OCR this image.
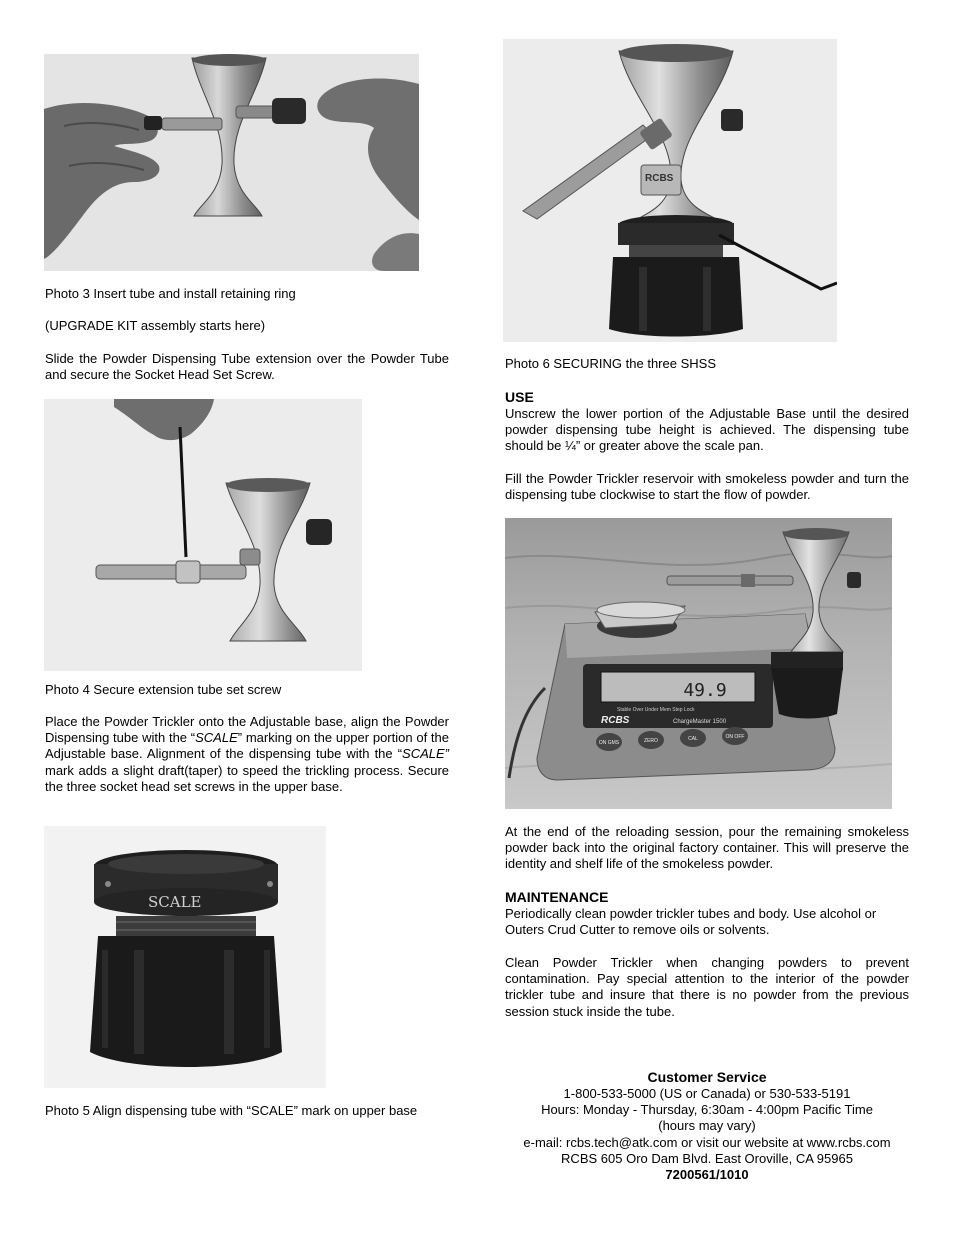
Photo 3 Insert tube and install retaining ring
(UPGRADE KIT assembly starts here)
Slide the Powder Dispensing Tube extension over the Powder Tube and secure the Socket Head Set Screw.
Photo 4 Secure extension tube set screw
Place the Powder Trickler onto the Adjustable base, align the Powder Dispensing tube with the “SCALE” marking on the upper portion of the Adjustable base. Alignment of the dispensing tube with the “SCALE” mark adds a slight draft(taper) to speed the trickling process. Secure the three socket head set screws in the upper base.
SCALE
Photo 5 Align dispensing tube with “SCALE” mark on upper base
RCBS
Photo 6 SECURING the three SHSS
USE
Unscrew the lower portion of the Adjustable Base until the desired powder dispensing tube height is achieved. The dispensing tube should be ¼” or greater above the scale pan.
Fill the Powder Trickler reservoir with smokeless powder and turn the dispensing tube clockwise to start the flow of powder.
49.9
Stable Over Under Mem Step Lock
RCBS	ChargeMaster 1500
ON GMS	ZERO	CAL	ON OFF
At the end of the reloading session, pour the remaining smokeless powder back into the original factory container. This will preserve the identity and shelf life of the smokeless powder.
MAINTENANCE
Periodically clean powder trickler tubes and body. Use alcohol or Outers Crud Cutter to remove oils or solvents.
Clean Powder Trickler when changing powders to prevent contamination. Pay special attention to the interior of the powder trickler tube and insure that there is no powder from the previous session stuck inside the tube.
Customer Service
1-800-533-5000 (US or Canada) or 530-533-5191
Hours: Monday - Thursday, 6:30am - 4:00pm Pacific Time
(hours may vary)
e-mail: rcbs.tech@atk.com or visit our website at www.rcbs.com
RCBS 605 Oro Dam Blvd. East Oroville, CA 95965
7200561/1010
